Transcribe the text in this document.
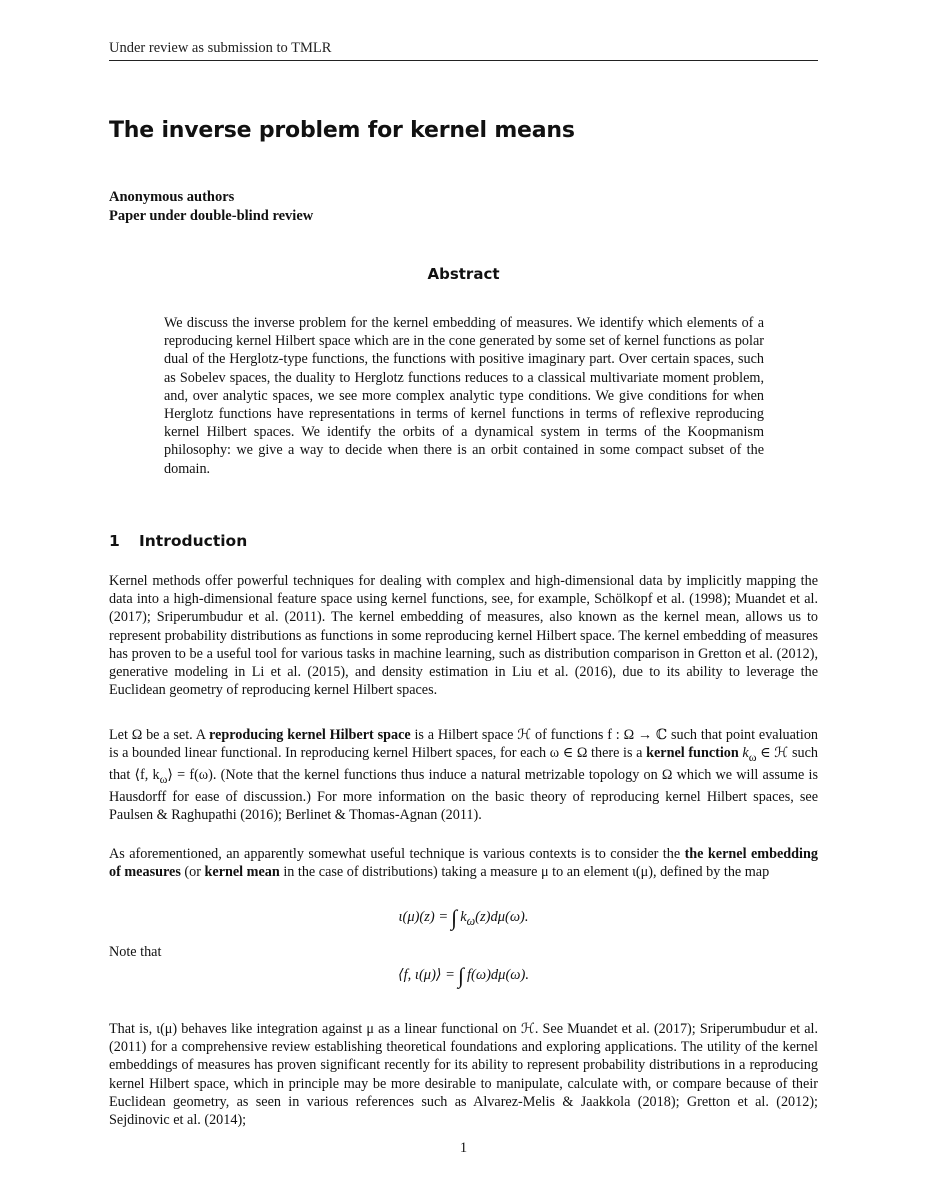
Under review as submission to TMLR
The inverse problem for kernel means
Anonymous authors
Paper under double-blind review
Abstract

We discuss the inverse problem for the kernel embedding of measures. We identify which elements of a reproducing kernel Hilbert space which are in the cone generated by some set of kernel functions as polar dual of the Herglotz-type functions, the functions with positive imaginary part. Over certain spaces, such as Sobelev spaces, the duality to Herglotz functions reduces to a classical multivariate moment problem, and, over analytic spaces, we see more complex analytic type conditions. We give conditions for when Herglotz functions have representations in terms of kernel functions in terms of reflexive reproducing kernel Hilbert spaces. We identify the orbits of a dynamical system in terms of the Koopmanism philosophy: we give a way to decide when there is an orbit contained in some compact subset of the domain.

1 Introduction

Kernel methods offer powerful techniques for dealing with complex and high-dimensional data by implicitly mapping the data into a high-dimensional feature space using kernel functions, see, for example, Schölkopf et al. (1998); Muandet et al. (2017); Sriperumbudur et al. (2011). The kernel embedding of measures, also known as the kernel mean, allows us to represent probability distributions as functions in some reproducing kernel Hilbert space. The kernel embedding of measures has proven to be a useful tool for various tasks in machine learning, such as distribution comparison in Gretton et al. (2012), generative modeling in Li et al. (2015), and density estimation in Liu et al. (2016), due to its ability to leverage the Euclidean geometry of reproducing kernel Hilbert spaces.

Let Ω be a set. A reproducing kernel Hilbert space is a Hilbert space ℋ of functions f : Ω → ℂ such that point evaluation is a bounded linear functional. In reproducing kernel Hilbert spaces, for each ω ∈ Ω there is a kernel function $k_\omega$ ∈ ℋ such that ⟨f, $k_\omega⟩ = f(\omega)$. (Note that the kernel functions thus induce a natural metrizable topology on Ω which we will assume is Hausdorff for ease of discussion.) For more information on the basic theory of reproducing kernel Hilbert spaces, see Paulsen & Raghupathi (2016); Berlinet & Thomas-Agnan (2011).

As aforementioned, an apparently somewhat useful technique is various contexts is to consider the the kernel embedding of measures (or kernel mean in the case of distributions) taking a measure μ to an element ι(μ), defined by the map

ι(μ)(z) = ∫ $k_\omega(z)d\mu(\omega)$.

Note that

⟨f, ι(μ)⟩ = ∫ f(ω)dμ(ω).

That is, ι(μ) behaves like integration against μ as a linear functional on ℋ. See Muandet et al. (2017); Sriperumbudur et al. (2011) for a comprehensive review establishing theoretical foundations and exploring applications. The utility of the kernel embeddings of measures has proven significant recently for its ability to represent probability distributions in a reproducing kernel Hilbert space, which in principle may be more desirable to manipulate, calculate with, or compare because of their Euclidean geometry, as seen in various references such as Alvarez-Melis & Jaakkola (2018); Gretton et al. (2012); Sejdinovic et al. (2014);

1
